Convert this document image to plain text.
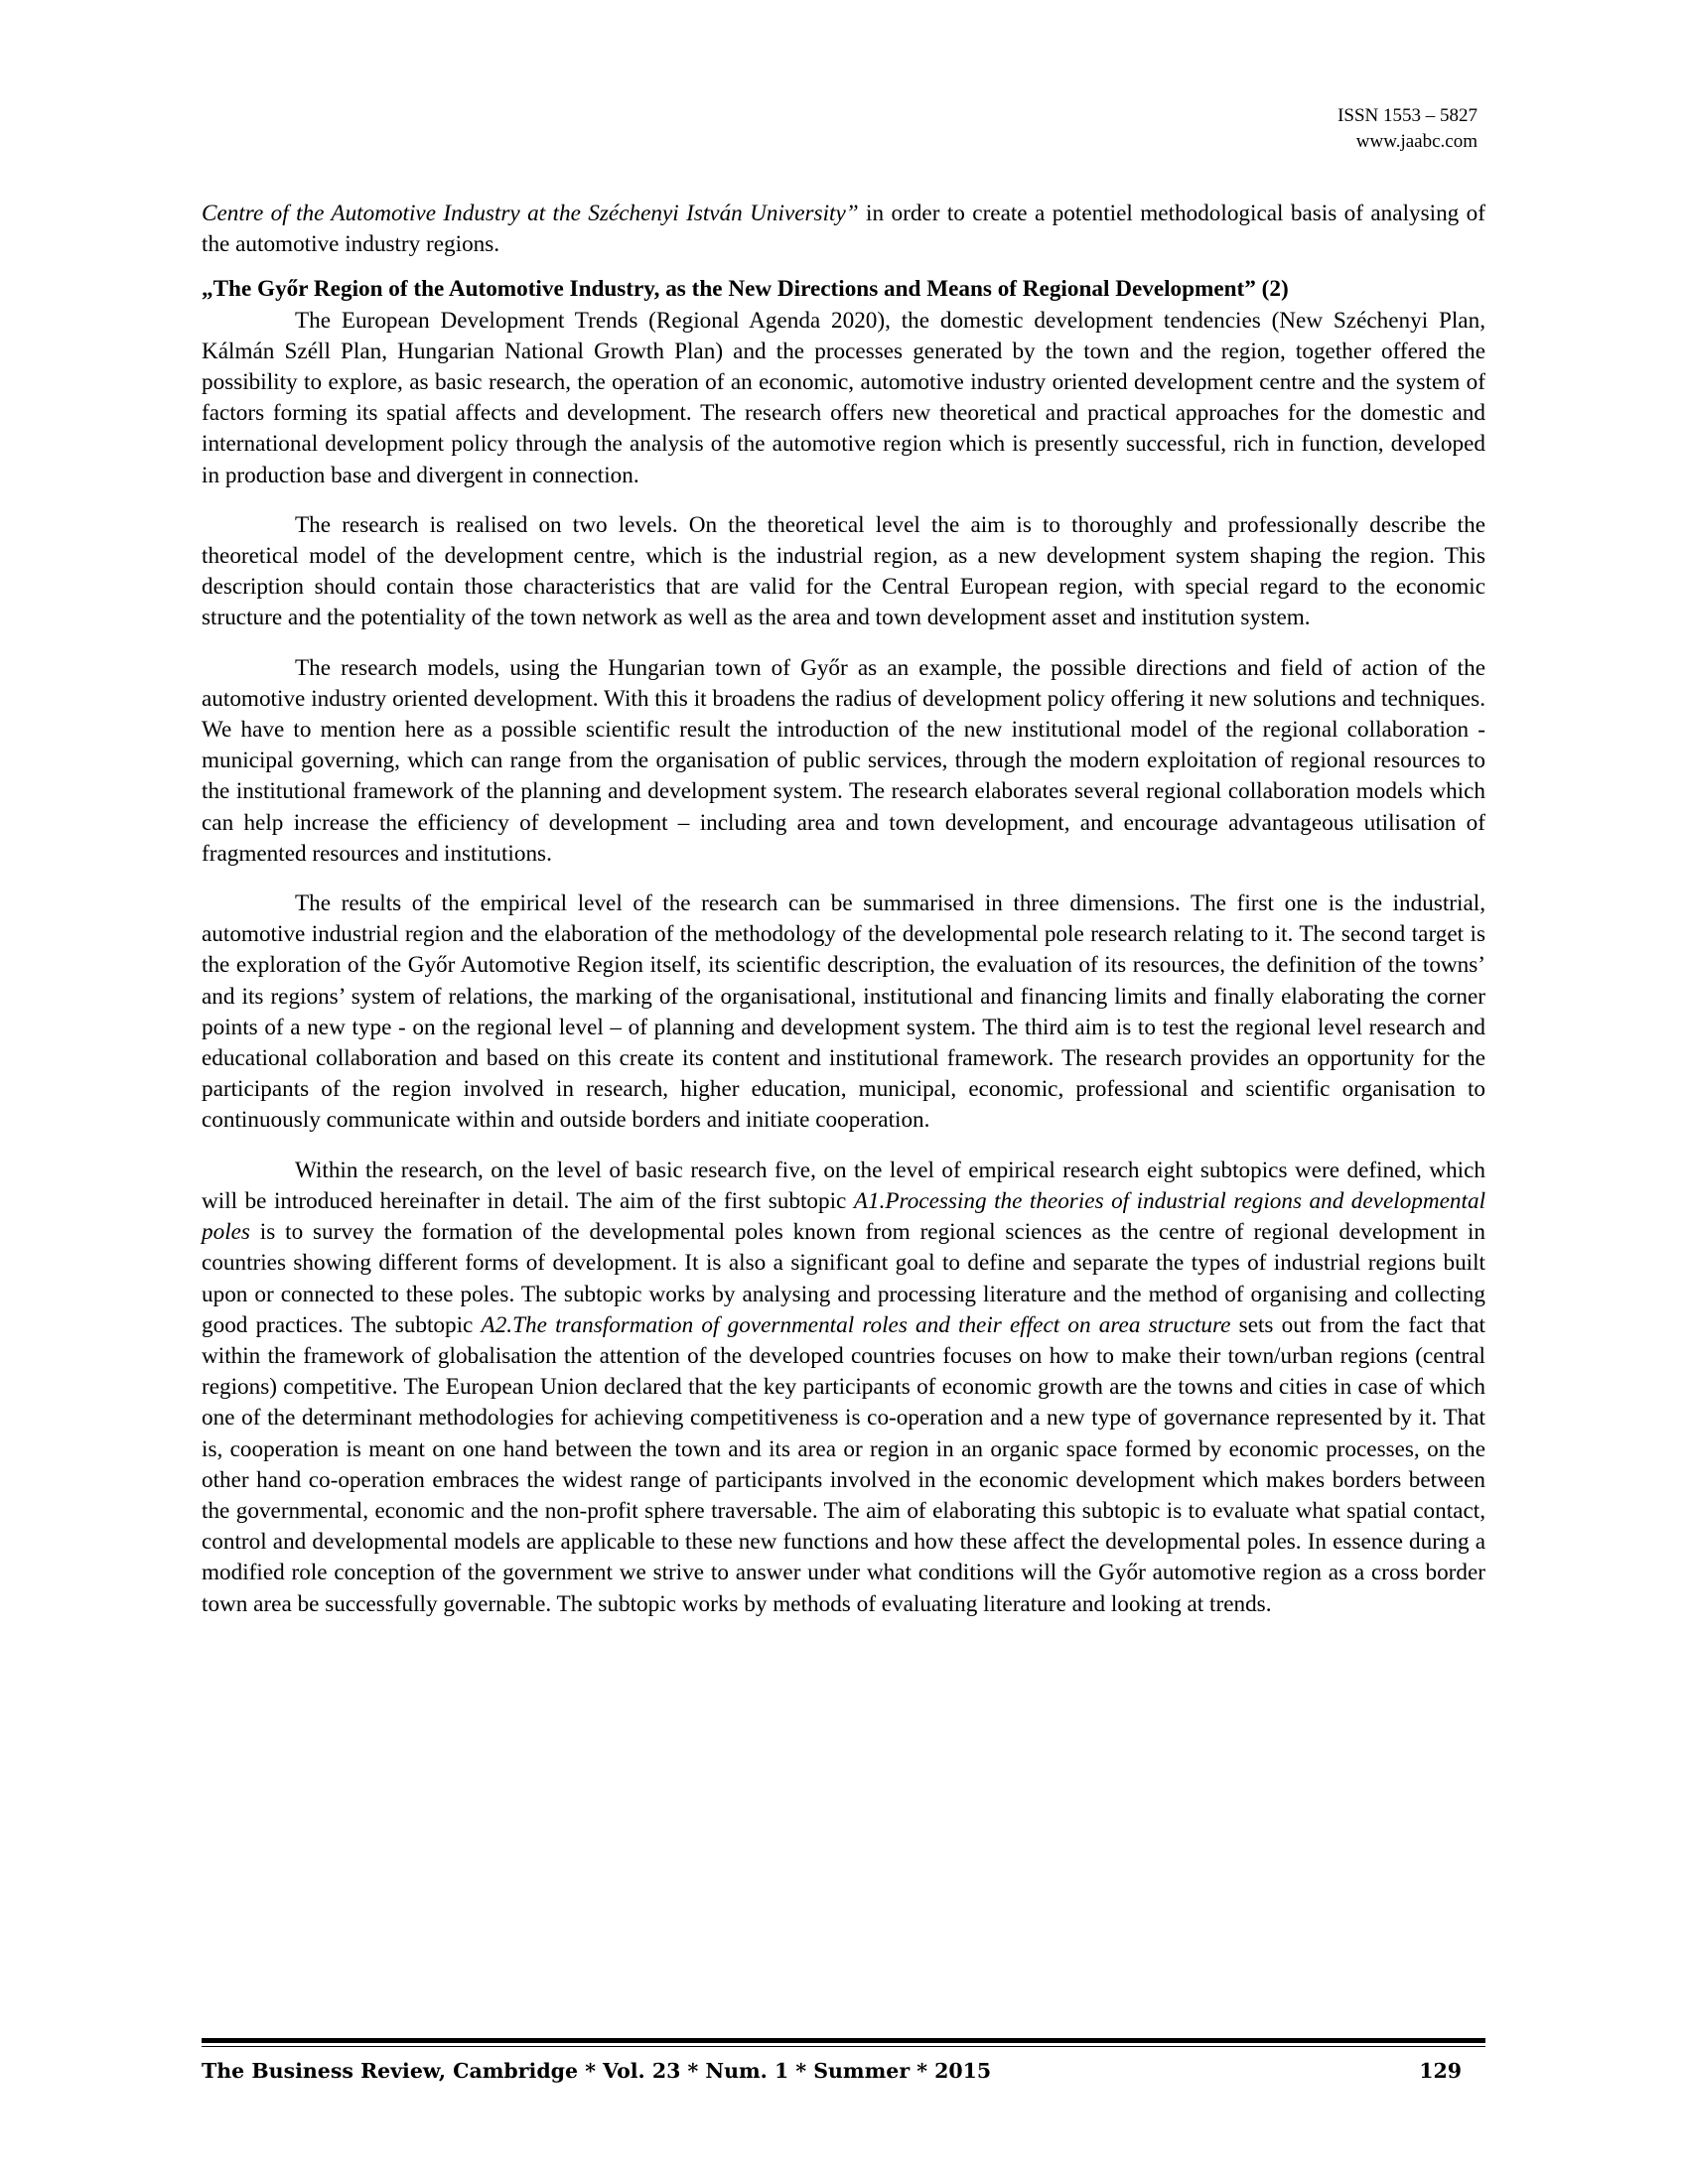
ISSN 1553 – 5827
www.jaabc.com

Centre of the Automotive Industry at the Széchenyi István University” in order to create a potentiel methodological basis of analysing of the automotive industry regions.

„The Győr Region of the Automotive Industry, as the New Directions and Means of Regional Development” (2)

The European Development Trends (Regional Agenda 2020), the domestic development tendencies (New Széchenyi Plan, Kálmán Széll Plan, Hungarian National Growth Plan) and the processes generated by the town and the region, together offered the possibility to explore, as basic research, the operation of an economic, automotive industry oriented development centre and the system of factors forming its spatial affects and development. The research offers new theoretical and practical approaches for the domestic and international development policy through the analysis of the automotive region which is presently successful, rich in function, developed in production base and divergent in connection.

The research is realised on two levels. On the theoretical level the aim is to thoroughly and professionally describe the theoretical model of the development centre, which is the industrial region, as a new development system shaping the region. This description should contain those characteristics that are valid for the Central European region, with special regard to the economic structure and the potentiality of the town network as well as the area and town development asset and institution system.

The research models, using the Hungarian town of Győr as an example, the possible directions and field of action of the automotive industry oriented development. With this it broadens the radius of development policy offering it new solutions and techniques. We have to mention here as a possible scientific result the introduction of the new institutional model of the regional collaboration - municipal governing, which can range from the organisation of public services, through the modern exploitation of regional resources to the institutional framework of the planning and development system. The research elaborates several regional collaboration models which can help increase the efficiency of development – including area and town development, and encourage advantageous utilisation of fragmented resources and institutions.

The results of the empirical level of the research can be summarised in three dimensions. The first one is the industrial, automotive industrial region and the elaboration of the methodology of the developmental pole research relating to it. The second target is the exploration of the Győr Automotive Region itself, its scientific description, the evaluation of its resources, the definition of the towns’ and its regions’ system of relations, the marking of the organisational, institutional and financing limits and finally elaborating the corner points of a new type - on the regional level – of planning and development system. The third aim is to test the regional level research and educational collaboration and based on this create its content and institutional framework. The research provides an opportunity for the participants of the region involved in research, higher education, municipal, economic, professional and scientific organisation to continuously communicate within and outside borders and initiate cooperation.

Within the research, on the level of basic research five, on the level of empirical research eight subtopics were defined, which will be introduced hereinafter in detail. The aim of the first subtopic A1.Processing the theories of industrial regions and developmental poles is to survey the formation of the developmental poles known from regional sciences as the centre of regional development in countries showing different forms of development. It is also a significant goal to define and separate the types of industrial regions built upon or connected to these poles. The subtopic works by analysing and processing literature and the method of organising and collecting good practices. The subtopic A2.The transformation of governmental roles and their effect on area structure sets out from the fact that within the framework of globalisation the attention of the developed countries focuses on how to make their town/urban regions (central regions) competitive. The European Union declared that the key participants of economic growth are the towns and cities in case of which one of the determinant methodologies for achieving competitiveness is co-operation and a new type of governance represented by it. That is, cooperation is meant on one hand between the town and its area or region in an organic space formed by economic processes, on the other hand co-operation embraces the widest range of participants involved in the economic development which makes borders between the governmental, economic and the non-profit sphere traversable. The aim of elaborating this subtopic is to evaluate what spatial contact, control and developmental models are applicable to these new functions and how these affect the developmental poles. In essence during a modified role conception of the government we strive to answer under what conditions will the Győr automotive region as a cross border town area be successfully governable. The subtopic works by methods of evaluating literature and looking at trends.

The Business Review, Cambridge * Vol. 23 * Num. 1 * Summer * 2015	129
